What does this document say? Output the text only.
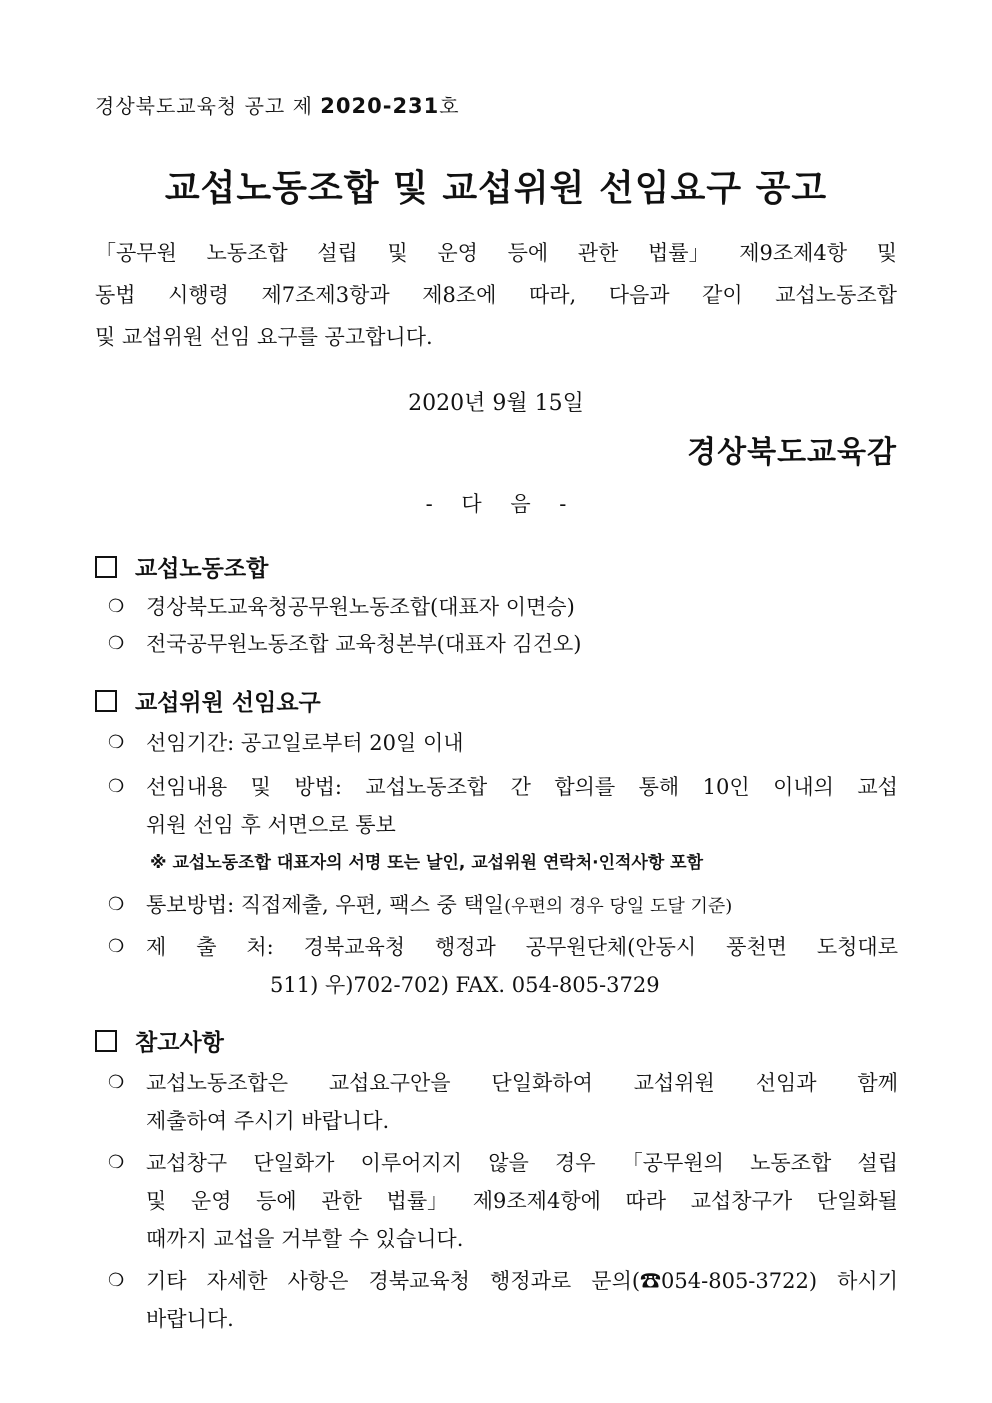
경상북도교육청 공고 제 2020-231호
교섭노동조합 및 교섭위원 선임요구 공고
「공무원 노동조합 설립 및 운영 등에 관한 법률」 제9조제4항 및
동법 시행령 제7조제3항과 제8조에 따라, 다음과 같이 교섭노동조합
및 교섭위원 선임 요구를 공고합니다.
2020년 9월 15일
경상북도교육감
- 다 음 -
교섭노동조합
❍ 경상북도교육청공무원노동조합(대표자 이면승)
❍ 전국공무원노동조합 교육청본부(대표자 김건오)
교섭위원 선임요구
❍ 선임기간: 공고일로부터 20일 이내
❍ 선임내용 및 방법: 교섭노동조합 간 합의를 통해 10인 이내의 교섭
위원 선임 후 서면으로 통보
※ 교섭노동조합 대표자의 서명 또는 날인, 교섭위원 연락처·인적사항 포함
❍ 통보방법: 직접제출, 우편, 팩스 중 택일(우편의 경우 당일 도달 기준)
❍ 제 출 처: 경북교육청 행정과 공무원단체(안동시 풍천면 도청대로
511) 우)702-702) FAX. 054-805-3729
참고사항
❍ 교섭노동조합은 교섭요구안을 단일화하여 교섭위원 선임과 함께
제출하여 주시기 바랍니다.
❍ 교섭창구 단일화가 이루어지지 않을 경우 「공무원의 노동조합 설립
및 운영 등에 관한 법률」 제9조제4항에 따라 교섭창구가 단일화될
때까지 교섭을 거부할 수 있습니다.
❍ 기타 자세한 사항은 경북교육청 행정과로 문의(☎054-805-3722) 하시기
바랍니다.
